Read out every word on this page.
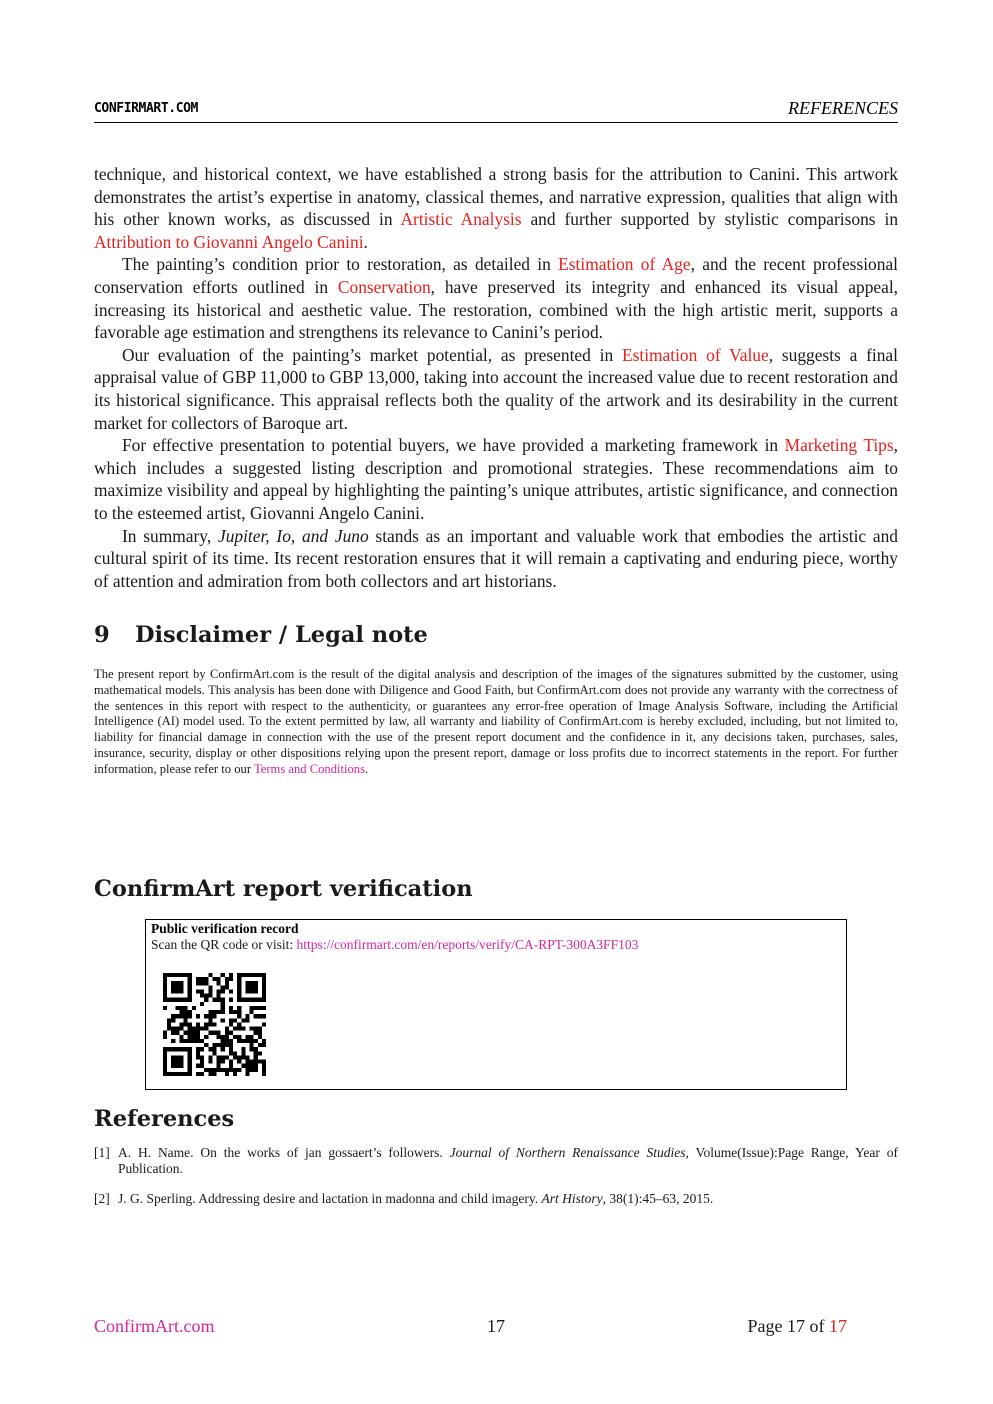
CONFIRMART.COM	REFERENCES

technique, and historical context, we have established a strong basis for the attribution to Canini. This artwork demonstrates the artist’s expertise in anatomy, classical themes, and narrative expression, qualities that align with his other known works, as discussed in Artistic Analysis and further supported by stylistic comparisons in Attribution to Giovanni Angelo Canini.

The painting’s condition prior to restoration, as detailed in Estimation of Age, and the recent professional conservation efforts outlined in Conservation, have preserved its integrity and enhanced its visual appeal, increasing its historical and aesthetic value. The restoration, combined with the high artistic merit, supports a favorable age estimation and strengthens its relevance to Canini’s period.

Our evaluation of the painting’s market potential, as presented in Estimation of Value, suggests a final appraisal value of GBP 11,000 to GBP 13,000, taking into account the increased value due to recent restoration and its historical significance. This appraisal reflects both the quality of the artwork and its desirability in the current market for collectors of Baroque art.

For effective presentation to potential buyers, we have provided a marketing framework in Marketing Tips, which includes a suggested listing description and promotional strategies. These recommendations aim to maximize visibility and appeal by highlighting the painting’s unique attributes, artistic significance, and connection to the esteemed artist, Giovanni Angelo Canini.

In summary, Jupiter, Io, and Juno stands as an important and valuable work that embodies the artistic and cultural spirit of its time. Its recent restoration ensures that it will remain a captivating and enduring piece, worthy of attention and admiration from both collectors and art historians.

9 Disclaimer / Legal note
The present report by ConfirmArt.com is the result of the digital analysis and description of the images of the signatures submitted by the customer, using mathematical models. This analysis has been done with Diligence and Good Faith, but ConfirmArt.com does not provide any warranty with the correctness of the sentences in this report with respect to the authenticity, or guarantees any error-free operation of Image Analysis Software, including the Artificial Intelligence (AI) model used. To the extent permitted by law, all warranty and liability of ConfirmArt.com is hereby excluded, including, but not limited to, liability for financial damage in connection with the use of the present report document and the confidence in it, any decisions taken, purchases, sales, insurance, security, display or other dispositions relying upon the present report, damage or loss profits due to incorrect statements in the report. For further information, please refer to our Terms and Conditions.
ConfirmArt report verification
Public verification record
Scan the QR code or visit: https://confirmart.com/en/reports/verify/CA-RPT-300A3FF103
References
[1] A. H. Name. On the works of jan gossaert’s followers. Journal of Northern Renaissance Studies, Volume(Issue):Page Range, Year of Publication.
[2] J. G. Sperling. Addressing desire and lactation in madonna and child imagery. Art History, 38(1):45–63, 2015.
ConfirmArt.com	17	Page 17 of 17
